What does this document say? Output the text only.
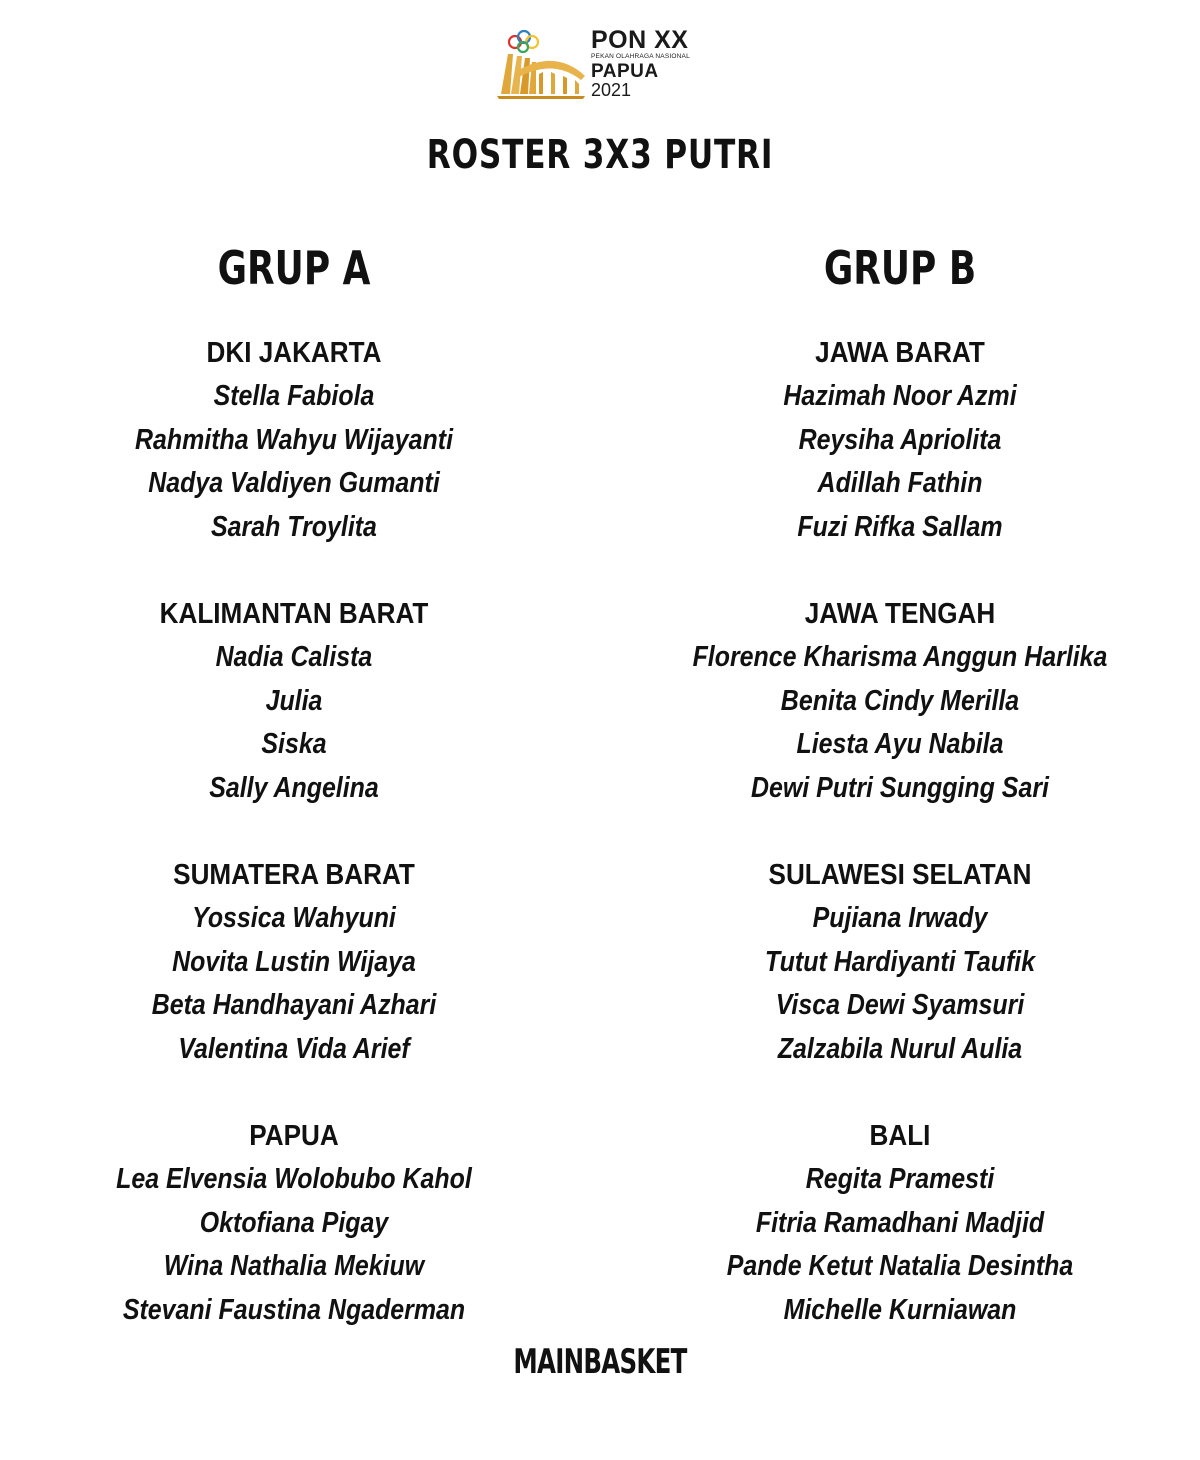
PON XX
PEKAN OLAHRAGA NASIONAL
PAPUA
2021
ROSTER 3X3 PUTRI
GRUP A
DKI JAKARTA
Stella Fabiola
Rahmitha Wahyu Wijayanti
Nadya Valdiyen Gumanti
Sarah Troylita
KALIMANTAN BARAT
Nadia Calista
Julia
Siska
Sally Angelina
SUMATERA BARAT
Yossica Wahyuni
Novita Lustin Wijaya
Beta Handhayani Azhari
Valentina Vida Arief
PAPUA
Lea Elvensia Wolobubo Kahol
Oktofiana Pigay
Wina Nathalia Mekiuw
Stevani Faustina Ngaderman
GRUP B
JAWA BARAT
Hazimah Noor Azmi
Reysiha Apriolita
Adillah Fathin
Fuzi Rifka Sallam
JAWA TENGAH
Florence Kharisma Anggun Harlika
Benita Cindy Merilla
Liesta Ayu Nabila
Dewi Putri Sungging Sari
SULAWESI SELATAN
Pujiana Irwady
Tutut Hardiyanti Taufik
Visca Dewi Syamsuri
Zalzabila Nurul Aulia
BALI
Regita Pramesti
Fitria Ramadhani Madjid
Pande Ketut Natalia Desintha
Michelle Kurniawan
MAINBASKET
